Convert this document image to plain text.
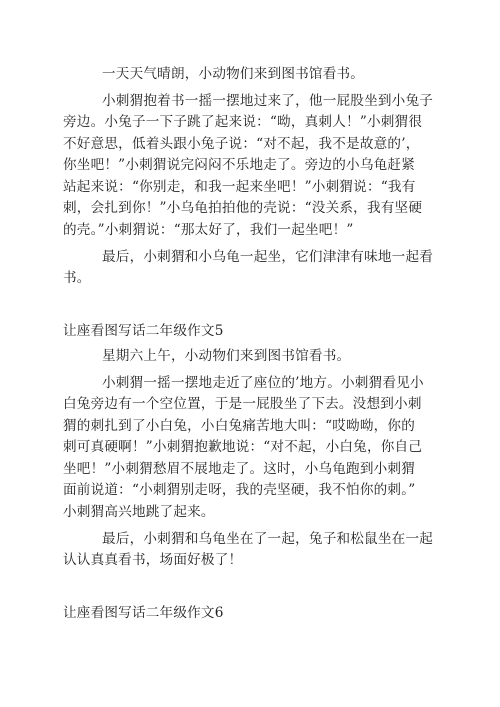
一天天气晴朗，小动物们来到图书馆看书。
小刺猬抱着书一摇一摆地过来了，他一屁股坐到小兔子
旁边。小兔子一下子跳了起来说：“呦，真刺人！”小刺猬很
不好意思，低着头跟小兔子说：“对不起，我不是故意的’，
你坐吧！”小刺猬说完闷闷不乐地走了。旁边的小乌龟赶紧
站起来说：“你别走，和我一起来坐吧！”小刺猬说：“我有
刺，会扎到你！”小乌龟拍拍他的壳说：“没关系，我有坚硬
的壳。”小刺猬说：“那太好了，我们一起坐吧！”
最后，小刺猬和小乌龟一起坐，它们津津有味地一起看
书。
让座看图写话二年级作文5
星期六上午，小动物们来到图书馆看书。
小刺猬一摇一摆地走近了座位的’地方。小刺猬看见小
白兔旁边有一个空位置，于是一屁股坐了下去。没想到小刺
猬的刺扎到了小白兔，小白兔痛苦地大叫：“哎呦呦，你的
刺可真硬啊！”小刺猬抱歉地说：“对不起，小白兔，你自己
坐吧！”小刺猬愁眉不展地走了。这时，小乌龟跑到小刺猬
面前说道：“小刺猬别走呀，我的壳坚硬，我不怕你的刺。”
小刺猬高兴地跳了起来。
最后，小刺猬和乌龟坐在了一起，兔子和松鼠坐在一起
认认真真看书，场面好极了！
让座看图写话二年级作文6
